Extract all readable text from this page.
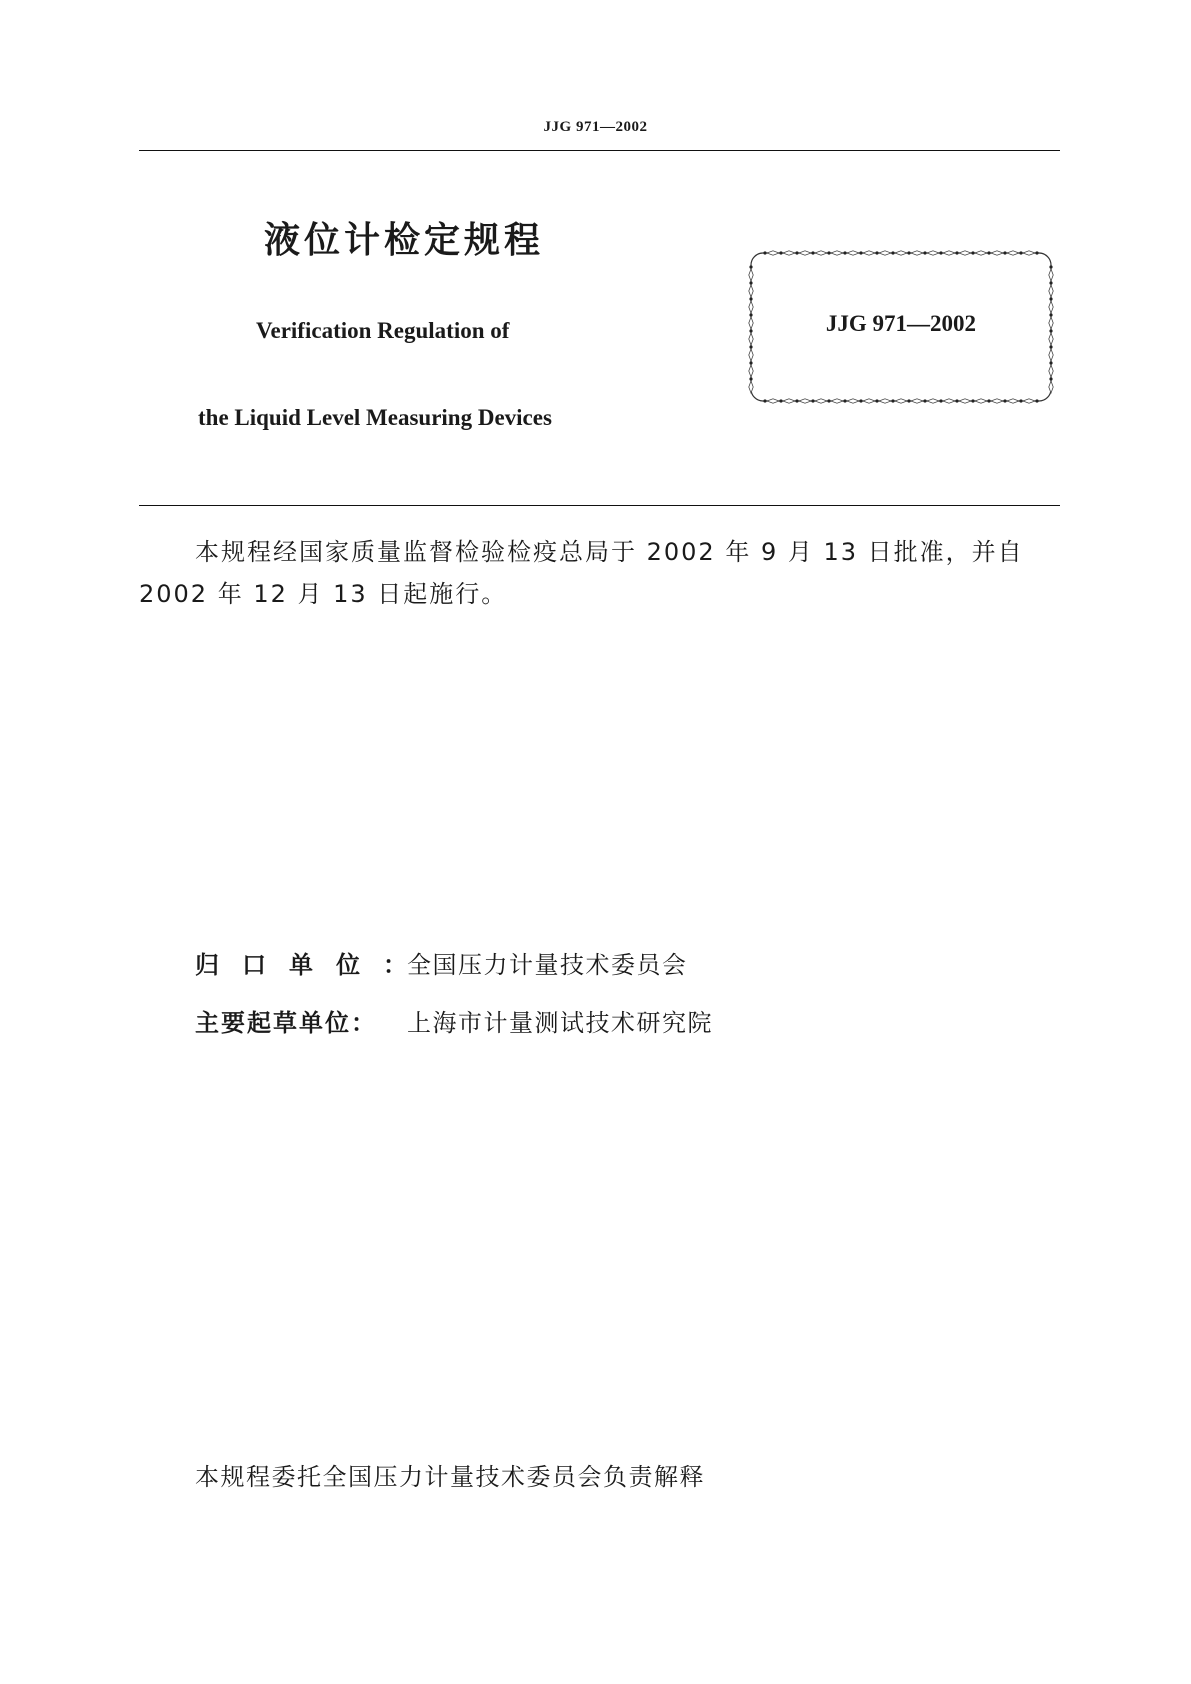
JJG 971—2002
液位计检定规程
Verification Regulation of
the Liquid Level Measuring Devices
JJG 971—2002
本规程经国家质量监督检验检疫总局于 2002 年 9 月 13 日批准，并自
2002 年 12 月 13 日起施行。
归口单位：
全国压力计量技术委员会
主要起草单位：	上海市计量测试技术研究院
本规程委托全国压力计量技术委员会负责解释
